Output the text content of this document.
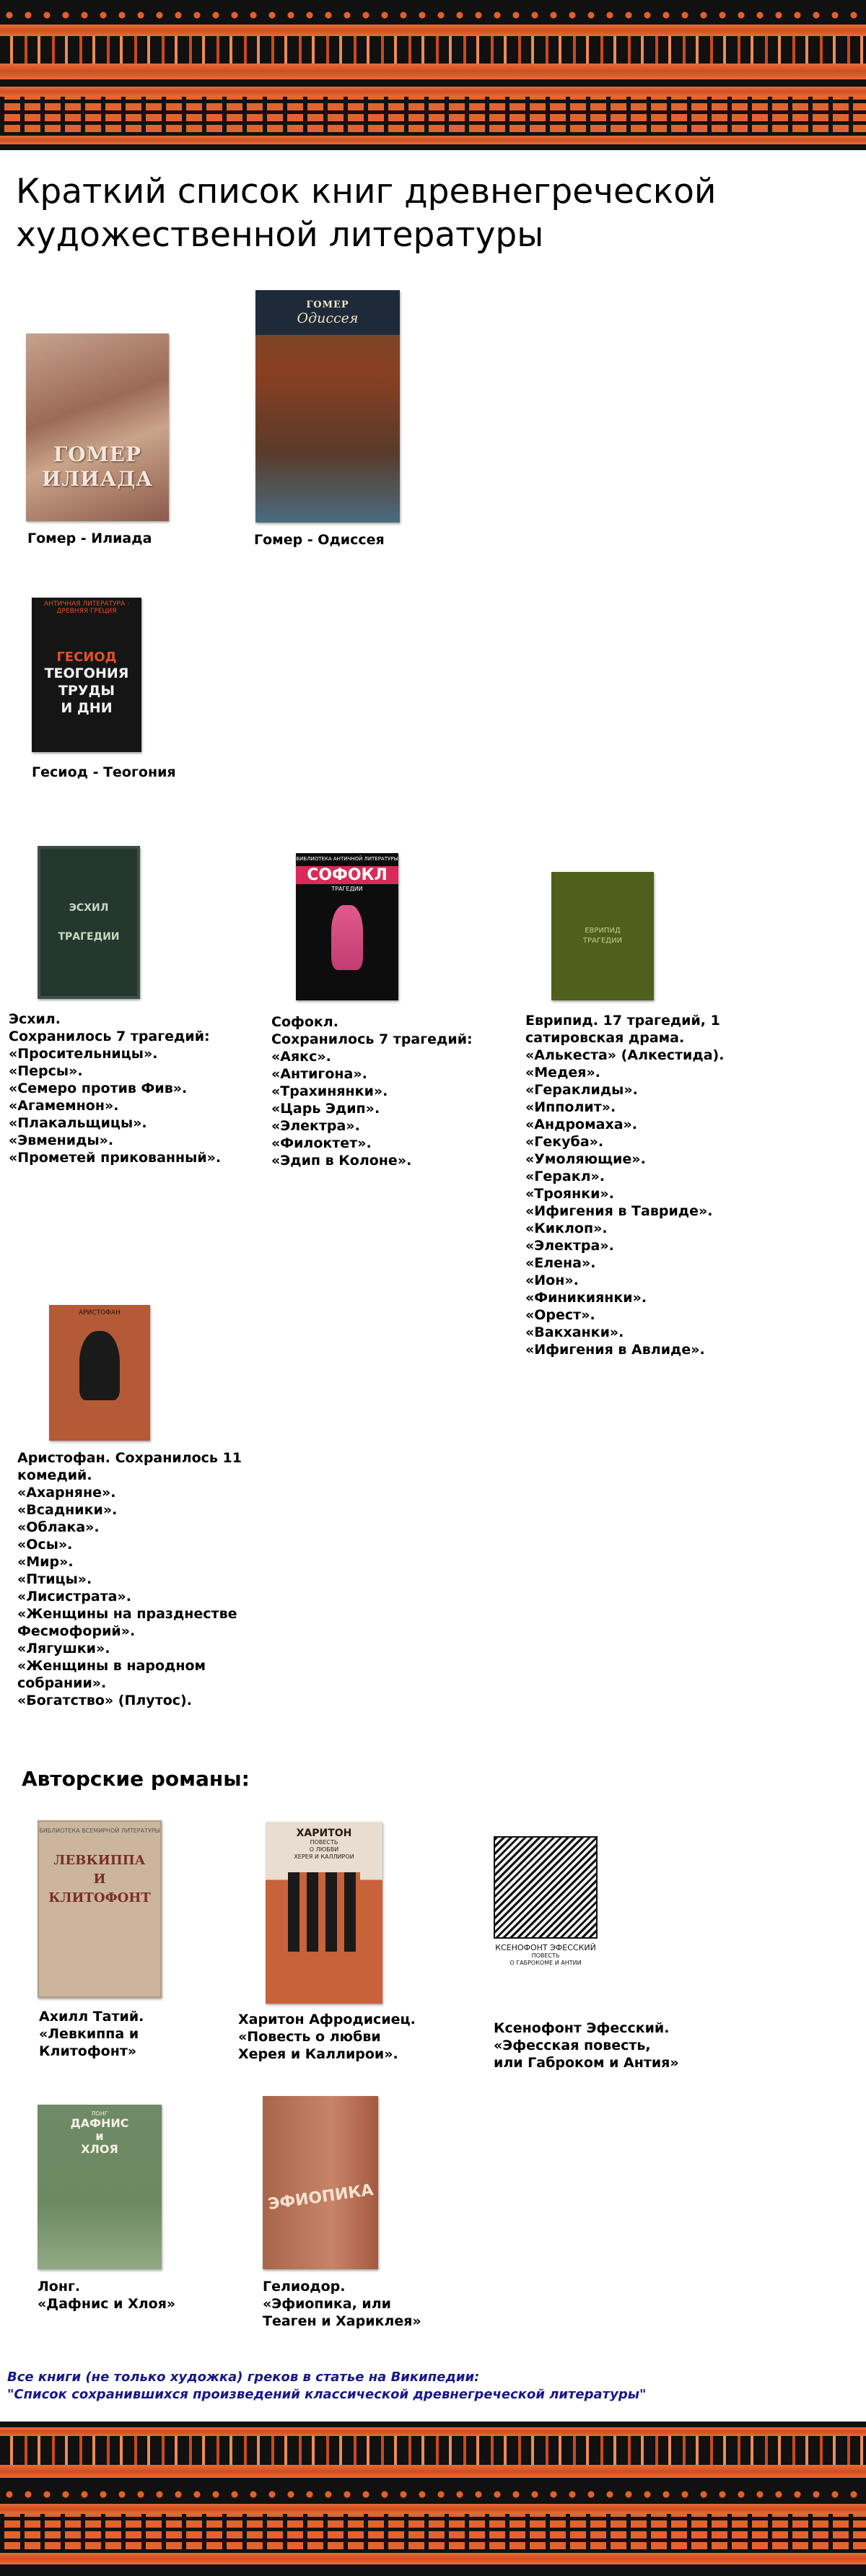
Краткий список книг древнегреческой
художественной литературы
ГОМЕР
ИЛИАДА

Гомер - Илиада

ГОМЕР
Одиссея

Гомер - Одиссея

АНТИЧНАЯ ЛИТЕРАТУРА · ДРЕВНЯЯ ГРЕЦИЯ
ГЕСИОД
ТЕОГОНИЯ
ТРУДЫ
И ДНИ

Гесиод - Теогония

ЭСХИЛ

ТРАГЕДИИ

Эсхил.
Сохранилось 7 трагедий:
«Просительницы».
«Персы».
«Семеро против Фив».
«Агамемнон».
«Плакальщицы».
«Эвмениды».
«Прометей прикованный».

БИБЛИОТЕКА АНТИЧНОЙ ЛИТЕРАТУРЫ
СОФОКЛ
ТРАГЕДИИ

Софокл.
Сохранилось 7 трагедий:
«Аякс».
«Антигона».
«Трахинянки».
«Царь Эдип».
«Электра».
«Филоктет».
«Эдип в Колоне».

ЕВРИПИД
ТРАГЕДИИ

Еврипид. 17 трагедий, 1
сатировская драма.
«Алькеста» (Алкестида).
«Медея».
«Гераклиды».
«Ипполит».
«Андромаха».
«Гекуба».
«Умоляющие».
«Геракл».
«Троянки».
«Ифигения в Тавриде».
«Киклоп».
«Электра».
«Елена».
«Ион».
«Финикиянки».
«Орест».
«Вакханки».
«Ифигения в Авлиде».

АРИСТОФАН

Аристофан. Сохранилось 11
комедий.
«Ахарняне».
«Всадники».
«Облака».
«Осы».
«Мир».
«Птицы».
«Лисистрата».
«Женщины на празднестве
Фесмофорий».
«Лягушки».
«Женщины в народном
собрании».
«Богатство» (Плутос).

Авторские романы:
БИБЛИОТЕКА ВСЕМИРНОЙ ЛИТЕРАТУРЫ
ЛЕВКИППА
И
КЛИТОФОНТ

Ахилл Татий.
«Левкиппа и
Клитофонт»

ХАРИТОН
ПОВЕСТЬ
О ЛЮБВИ
ХЕРЕЯ И КАЛЛИРОИ

Харитон Афродисиец.
«Повесть о любви
Херея и Каллирои».

КСЕНОФОНТ ЭФЕССКИЙ
ПОВЕСТЬ
О ГАБРОКОМЕ И АНТИИ

Ксенофонт Эфесский.
«Эфесская повесть,
или Габроком и Антия»

ЛОНГ
ДАФНИС
и
ХЛОЯ

Лонг.
«Дафнис и Хлоя»

ЭФИОПИКА

Гелиодор.
«Эфиопика, или
Теаген и Хариклея»

Все книги (не только художка) греков в статье на Википедии:
"Список сохранившихся произведений классической древнегреческой литературы"
